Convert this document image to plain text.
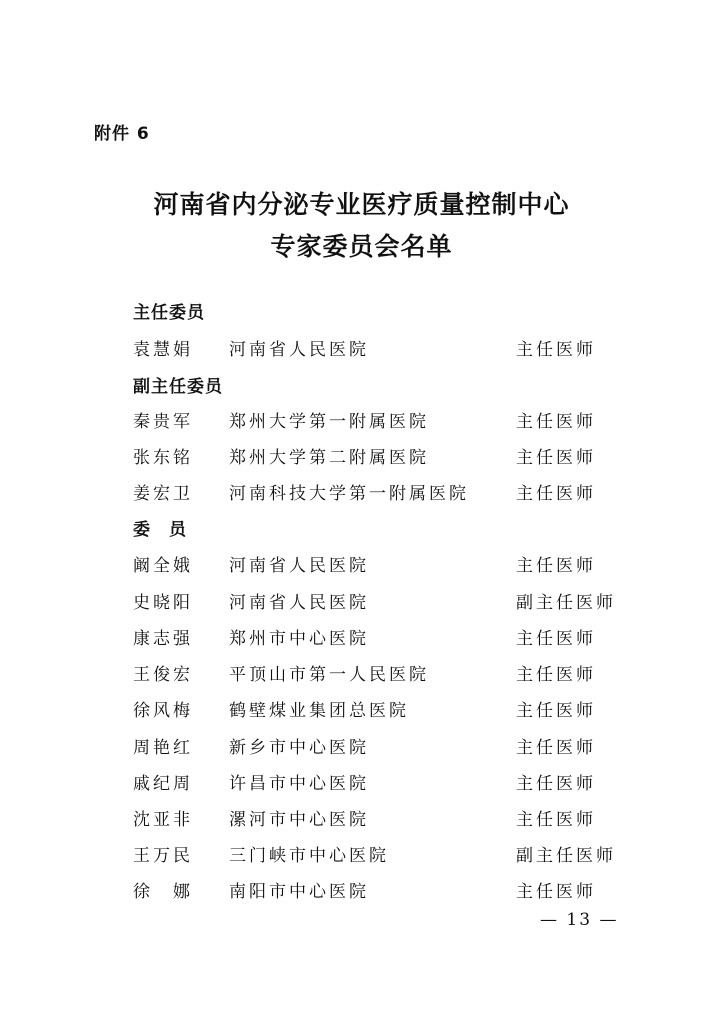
附件 6
河南省内分泌专业医疗质量控制中心
专家委员会名单
主任委员
袁慧娟 河南省人民医院	主任医师
副主任委员
秦贵军 郑州大学第一附属医院	主任医师
张东铭 郑州大学第二附属医院	主任医师
姜宏卫 河南科技大学第一附属医院	主任医师
委　员
阚全娥 河南省人民医院	主任医师
史晓阳 河南省人民医院	副主任医师
康志强 郑州市中心医院	主任医师
王俊宏 平顶山市第一人民医院	主任医师
徐风梅 鹤壁煤业集团总医院	主任医师
周艳红 新乡市中心医院	主任医师
戚纪周 许昌市中心医院	主任医师
沈亚非 漯河市中心医院	主任医师
王万民 三门峡市中心医院	副主任医师
徐　娜 南阳市中心医院	主任医师
— 13 —
